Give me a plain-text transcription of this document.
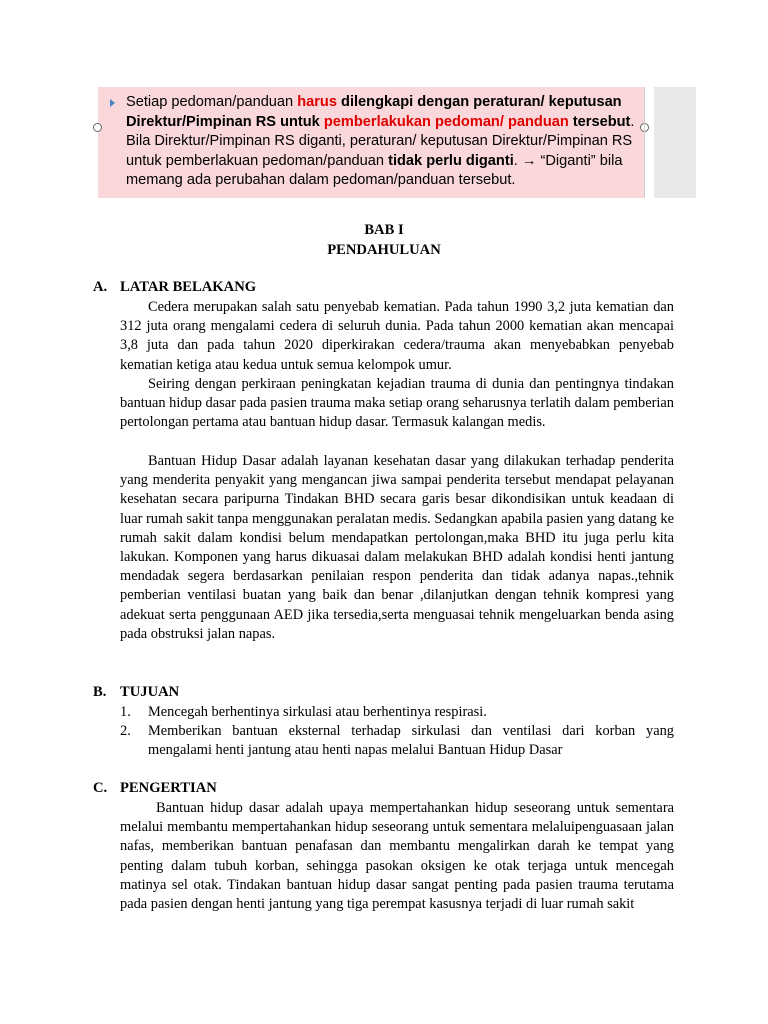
Setiap pedoman/panduan harus dilengkapi dengan peraturan/ keputusan Direktur/Pimpinan RS untuk pemberlakukan pedoman/ panduan tersebut. Bila Direktur/Pimpinan RS diganti, peraturan/ keputusan Direktur/Pimpinan RS untuk pemberlakuan pedoman/panduan tidak perlu diganti. → “Diganti” bila memang ada perubahan dalam pedoman/panduan tersebut.
BAB I
PENDAHULUAN
A. LATAR BELAKANG

Cedera merupakan salah satu penyebab kematian. Pada tahun 1990 3,2 juta kematian dan 312 juta orang mengalami cedera di seluruh dunia. Pada tahun 2000 kematian akan mencapai 3,8 juta dan pada tahun 2020 diperkirakan cedera/trauma akan menyebabkan penyebab kematian ketiga atau kedua untuk semua kelompok umur.

Seiring dengan perkiraan peningkatan kejadian trauma di dunia dan pentingnya tindakan bantuan hidup dasar pada pasien trauma maka setiap orang seharusnya terlatih dalam pemberian pertolongan pertama atau bantuan hidup dasar. Termasuk kalangan medis.

Bantuan Hidup Dasar adalah layanan kesehatan dasar yang dilakukan terhadap penderita yang menderita penyakit yang mengancan jiwa sampai penderita tersebut mendapat pelayanan kesehatan secara paripurna Tindakan BHD secara garis besar dikondisikan untuk keadaan di luar rumah sakit tanpa menggunakan peralatan medis. Sedangkan apabila pasien yang datang ke rumah sakit dalam kondisi belum mendapatkan pertolongan,maka BHD itu juga perlu kita lakukan. Komponen yang harus dikuasai dalam melakukan BHD adalah kondisi henti jantung mendadak segera berdasarkan penilaian respon penderita dan tidak adanya napas.,tehnik pemberian ventilasi buatan yang baik dan benar ,dilanjutkan dengan tehnik kompresi yang adekuat serta penggunaan AED jika tersedia,serta menguasai tehnik mengeluarkan benda asing pada obstruksi jalan napas.

B. TUJUAN
1. Mencegah berhentinya sirkulasi atau berhentinya respirasi.
2. Memberikan bantuan eksternal terhadap sirkulasi dan ventilasi dari korban yang mengalami henti jantung atau henti napas melalui Bantuan Hidup Dasar
C. PENGERTIAN

Bantuan hidup dasar adalah upaya mempertahankan hidup seseorang untuk sementara melalui membantu mempertahankan hidup seseorang untuk sementara melaluipenguasaan jalan nafas, memberikan bantuan penafasan dan membantu mengalirkan darah ke tempat yang penting dalam tubuh korban, sehingga pasokan oksigen ke otak terjaga untuk mencegah matinya sel otak. Tindakan bantuan hidup dasar sangat penting pada pasien trauma terutama pada pasien dengan henti jantung yang tiga perempat kasusnya terjadi di luar rumah sakit
